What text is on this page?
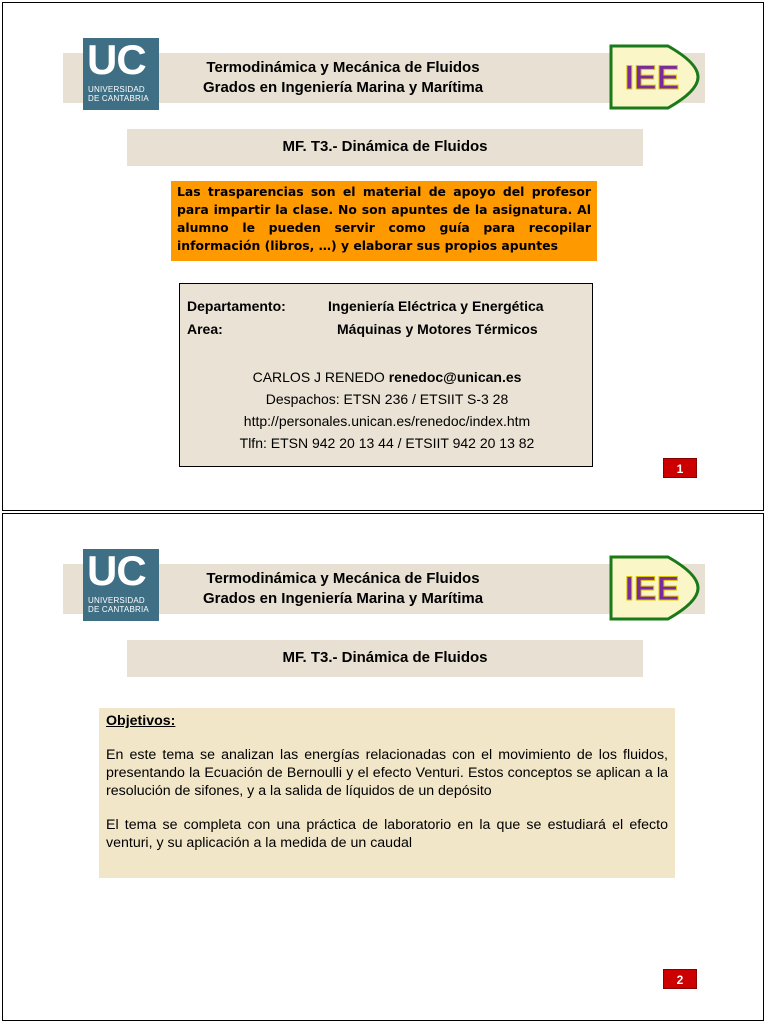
UC
UNIVERSIDAD
DE CANTABRIA
Termodinámica y Mecánica de Fluidos
Grados en Ingeniería Marina y Marítima	IEE
MF. T3.- Dinámica de Fluidos
Las trasparencias son el material de apoyo del profesor para impartir la clase. No son apuntes de la asignatura. Al alumno le pueden servir como guía para recopilar información (libros, …) y elaborar sus propios apuntes
Departamento:	Ingeniería Eléctrica y Energética
Area:	Máquinas y Motores Térmicos
CARLOS J RENEDO renedoc@unican.es
Despachos: ETSN 236 / ETSIIT S-3 28
http://personales.unican.es/renedoc/index.htm
Tlfn: ETSN 942 20 13 44 / ETSIIT 942 20 13 82
1
UC
UNIVERSIDAD
DE CANTABRIA
Termodinámica y Mecánica de Fluidos
Grados en Ingeniería Marina y Marítima	IEE
MF. T3.- Dinámica de Fluidos
Objetivos:
En este tema se analizan las energías relacionadas con el movimiento de los fluidos, presentando la Ecuación de Bernoulli y el efecto Venturi. Estos conceptos se aplican a la resolución de sifones, y a la salida de líquidos de un depósito
El tema se completa con una práctica de laboratorio en la que se estudiará el efecto venturi, y su aplicación a la medida de un caudal
2
